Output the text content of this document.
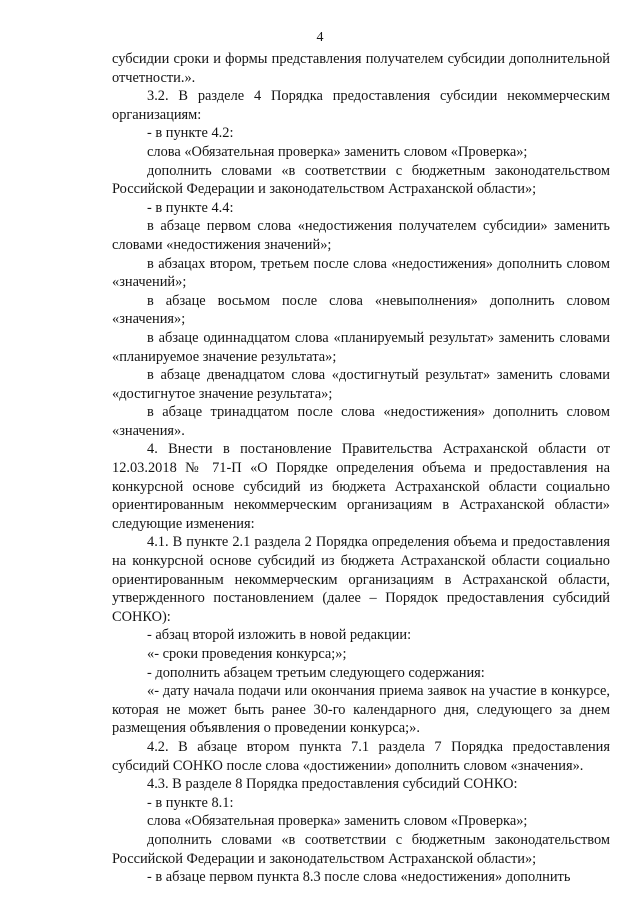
4

субсидии сроки и формы представления получателем субсидии дополнительной отчетности.».

3.2. В разделе 4 Порядка предоставления субсидии некоммерческим организациям:

- в пункте 4.2:

слова «Обязательная проверка» заменить словом «Проверка»;

дополнить словами «в соответствии с бюджетным законодательством Российской Федерации и законодательством Астраханской области»;

- в пункте 4.4:

в абзаце первом слова «недостижения получателем субсидии» заменить словами «недостижения значений»;

в абзацах втором, третьем после слова «недостижения» дополнить словом «значений»;

в абзаце восьмом после слова «невыполнения» дополнить словом «значения»;

в абзаце одиннадцатом слова «планируемый результат» заменить словами «планируемое значение результата»;

в абзаце двенадцатом слова «достигнутый результат» заменить словами «достигнутое значение результата»;

в абзаце тринадцатом после слова «недостижения» дополнить словом «значения».

4. Внести в постановление Правительства Астраханской области от 12.03.2018 № 71-П «О Порядке определения объема и предоставления на конкурсной основе субсидий из бюджета Астраханской области социально ориентированным некоммерческим организациям в Астраханской области» следующие изменения:

4.1. В пункте 2.1 раздела 2 Порядка определения объема и предоставления на конкурсной основе субсидий из бюджета Астраханской области социально ориентированным некоммерческим организациям в Астраханской области, утвержденного постановлением (далее – Порядок предоставления субсидий СОНКО):

- абзац второй изложить в новой редакции:

«- сроки проведения конкурса;»;

- дополнить абзацем третьим следующего содержания:

«- дату начала подачи или окончания приема заявок на участие в конкурсе, которая не может быть ранее 30-го календарного дня, следующего за днем размещения объявления о проведении конкурса;».

4.2. В абзаце втором пункта 7.1 раздела 7 Порядка предоставления субсидий СОНКО после слова «достижении» дополнить словом «значения».

4.3. В разделе 8 Порядка предоставления субсидий СОНКО:

- в пункте 8.1:

слова «Обязательная проверка» заменить словом «Проверка»;

дополнить словами «в соответствии с бюджетным законодательством Российской Федерации и законодательством Астраханской области»;

- в абзаце первом пункта 8.3 после слова «недостижения» дополнить
